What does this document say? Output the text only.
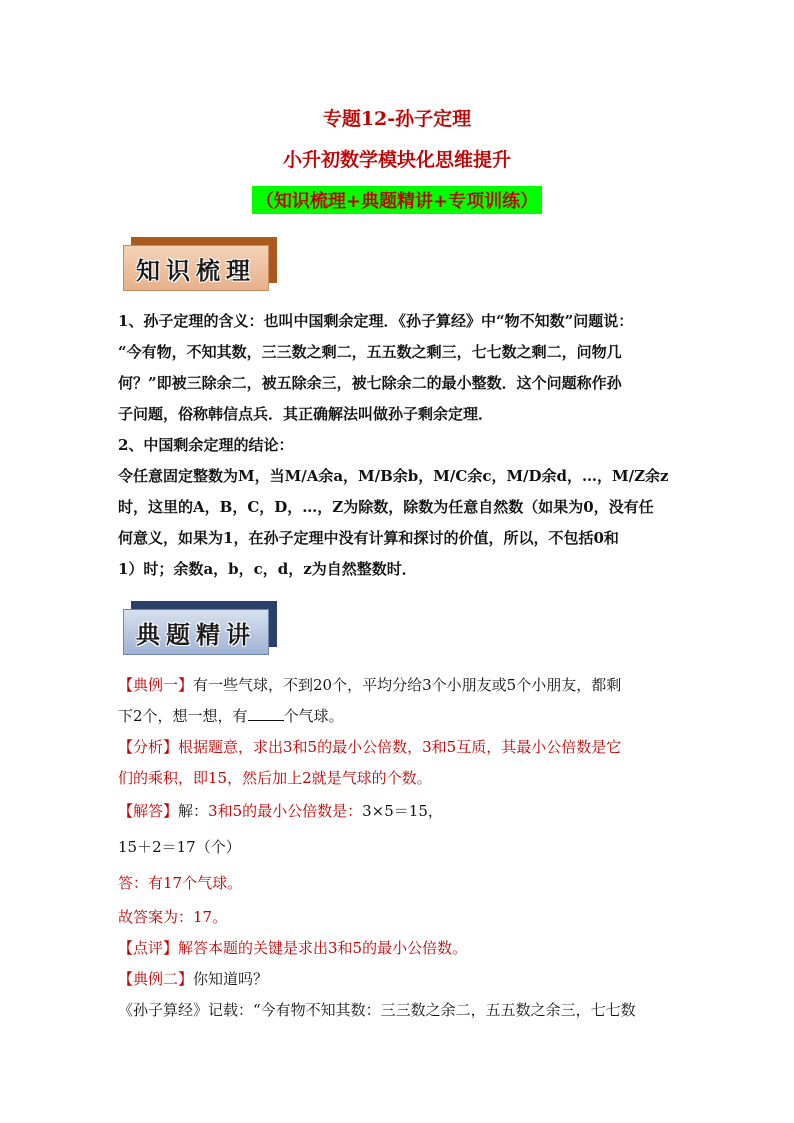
专题12-孙子定理
小升初数学模块化思维提升
（知识梳理+典题精讲+专项训练）
知识梳理
1、孙子定理的含义：也叫中国剩余定理．《孙子算经》中“物不知数”问题说：
“今有物，不知其数，三三数之剩二，五五数之剩三，七七数之剩二，问物几
何？”即被三除余二，被五除余三，被七除余二的最小整数．这个问题称作孙
子问题，俗称韩信点兵．其正确解法叫做孙子剩余定理．
2、中国剩余定理的结论：
令任意固定整数为M，当M/A余a，M/B余b，M/C余c，M/D余d，…，M/Z余z
时，这里的A，B，C，D，…，Z为除数，除数为任意自然数（如果为0，没有任
何意义，如果为1，在孙子定理中没有计算和探讨的价值，所以，不包括0和
1）时；余数a，b，c，d，z为自然整数时．
典题精讲
【典例一】有一些气球，不到20个，平均分给3个小朋友或5个小朋友，都剩
下2个，想一想，有 个气球。
【分析】根据题意，求出3和5的最小公倍数，3和5互质，其最小公倍数是它
们的乘积，即15，然后加上2就是气球的个数。
【解答】解：3和5的最小公倍数是：3×5＝15，
15＋2＝17（个）
答：有17个气球。
故答案为：17。
【点评】解答本题的关键是求出3和5的最小公倍数。
【典例二】你知道吗？
《孙子算经》记载：“今有物不知其数：三三数之余二，五五数之余三，七七数
